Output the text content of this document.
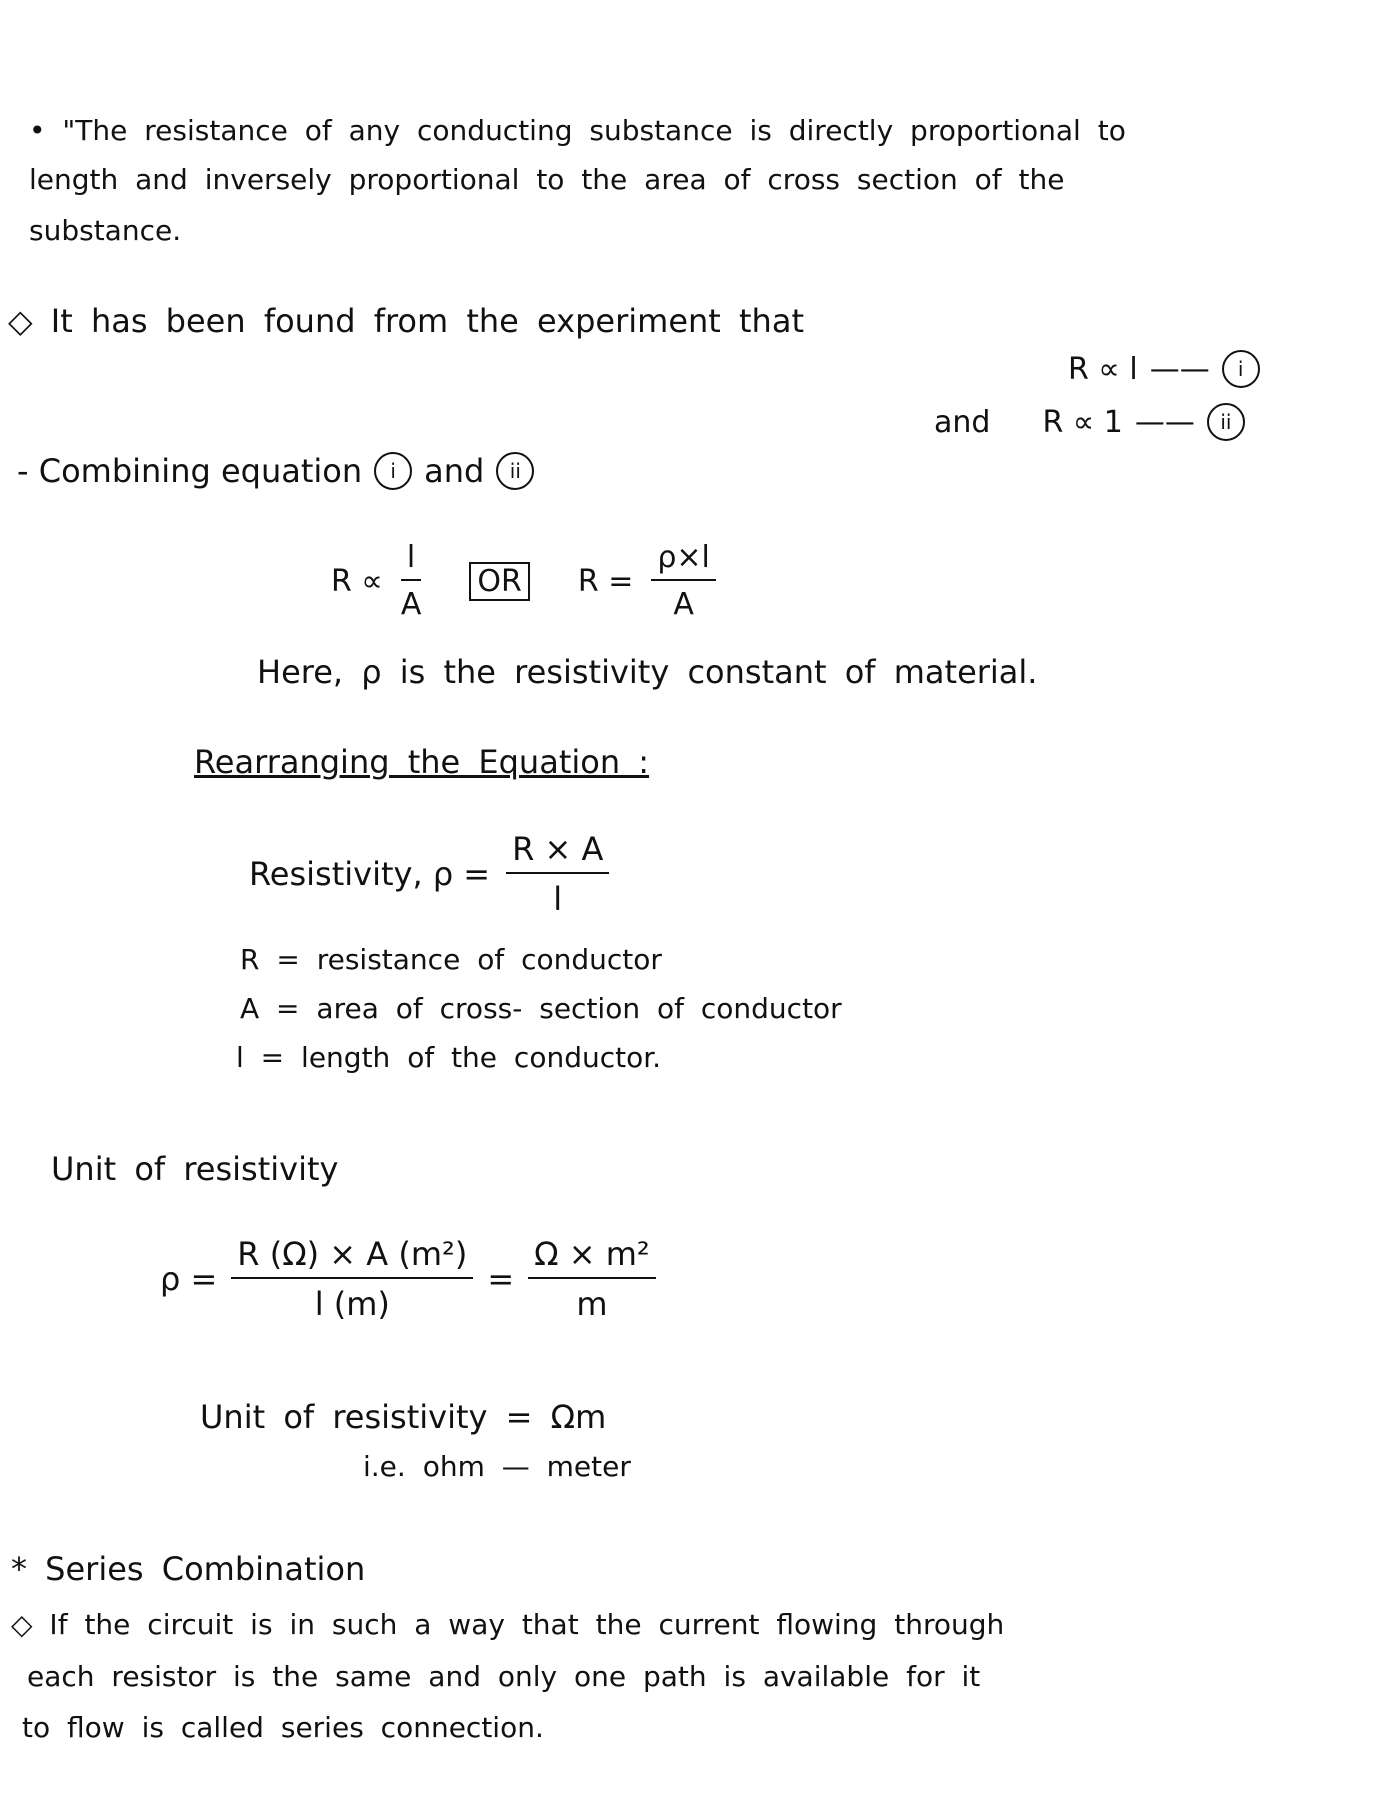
• "The resistance of any conducting substance is directly proportional to
length and inversely proportional to the area of cross section of the
substance.
◇ It has been found from the experiment that
R ∝ l ——	i
and R ∝ 1 ——	ii
- Combining equation	i and	ii
$R \propto \frac{l}{A}$ OR $R = \frac{\rho\times l}{A}$
Here, ρ is the resistivity constant of material.
Rearranging the Equation :
Resistivity, $\rho = \frac{R \times A}{l}$
R = resistance of conductor
A = area of cross- section of conductor
l = length of the conductor.
Unit of resistivity
$\rho = \frac{\text{R (Ω) × A (m²)}}{l (m)} = \frac{\text{Ω × m²}}{m}$
Unit of resistivity = Ωm
i.e. ohm — meter
* Series Combination
◇ If the circuit is in such a way that the current flowing through
each resistor is the same and only one path is available for it
to flow is called series connection.
